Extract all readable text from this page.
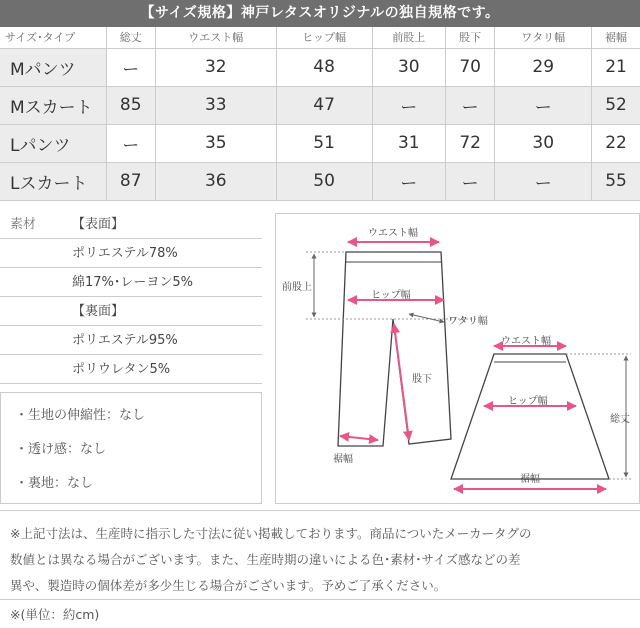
【サイズ規格】神戸レタスオリジナルの独自規格です。
サイズ･タイプ	総丈	ウエスト幅	ヒップ幅	前股上	股下	ワタリ幅	裾幅
Mパンツ	ー	32	48	30	70	29	21
Mスカート	85	33	47	ー	ー	ー	52
Lパンツ	ー	35	51	31	72	30	22
Lスカート	87	36	50	ー	ー	ー	55
素材	【表面】
ポリエステル78%
綿17%･レーヨン5%
【裏面】
ポリエステル95%
ポリウレタン5%
・生地の伸縮性：なし
・透け感：なし
・裏地：なし
ウエスト幅
前股上
ヒップ幅
ワタリ幅
股下
裾幅
ウエスト幅
ヒップ幅
総丈
裾幅
※上記寸法は、生産時に指示した寸法に従い掲載しております。商品についたメーカータグの
数値とは異なる場合がございます。また、生産時期の違いによる色･素材･サイズ感などの差
異や、製造時の個体差が多少生じる場合がございます。予めご了承ください。
※(単位：約cm)
